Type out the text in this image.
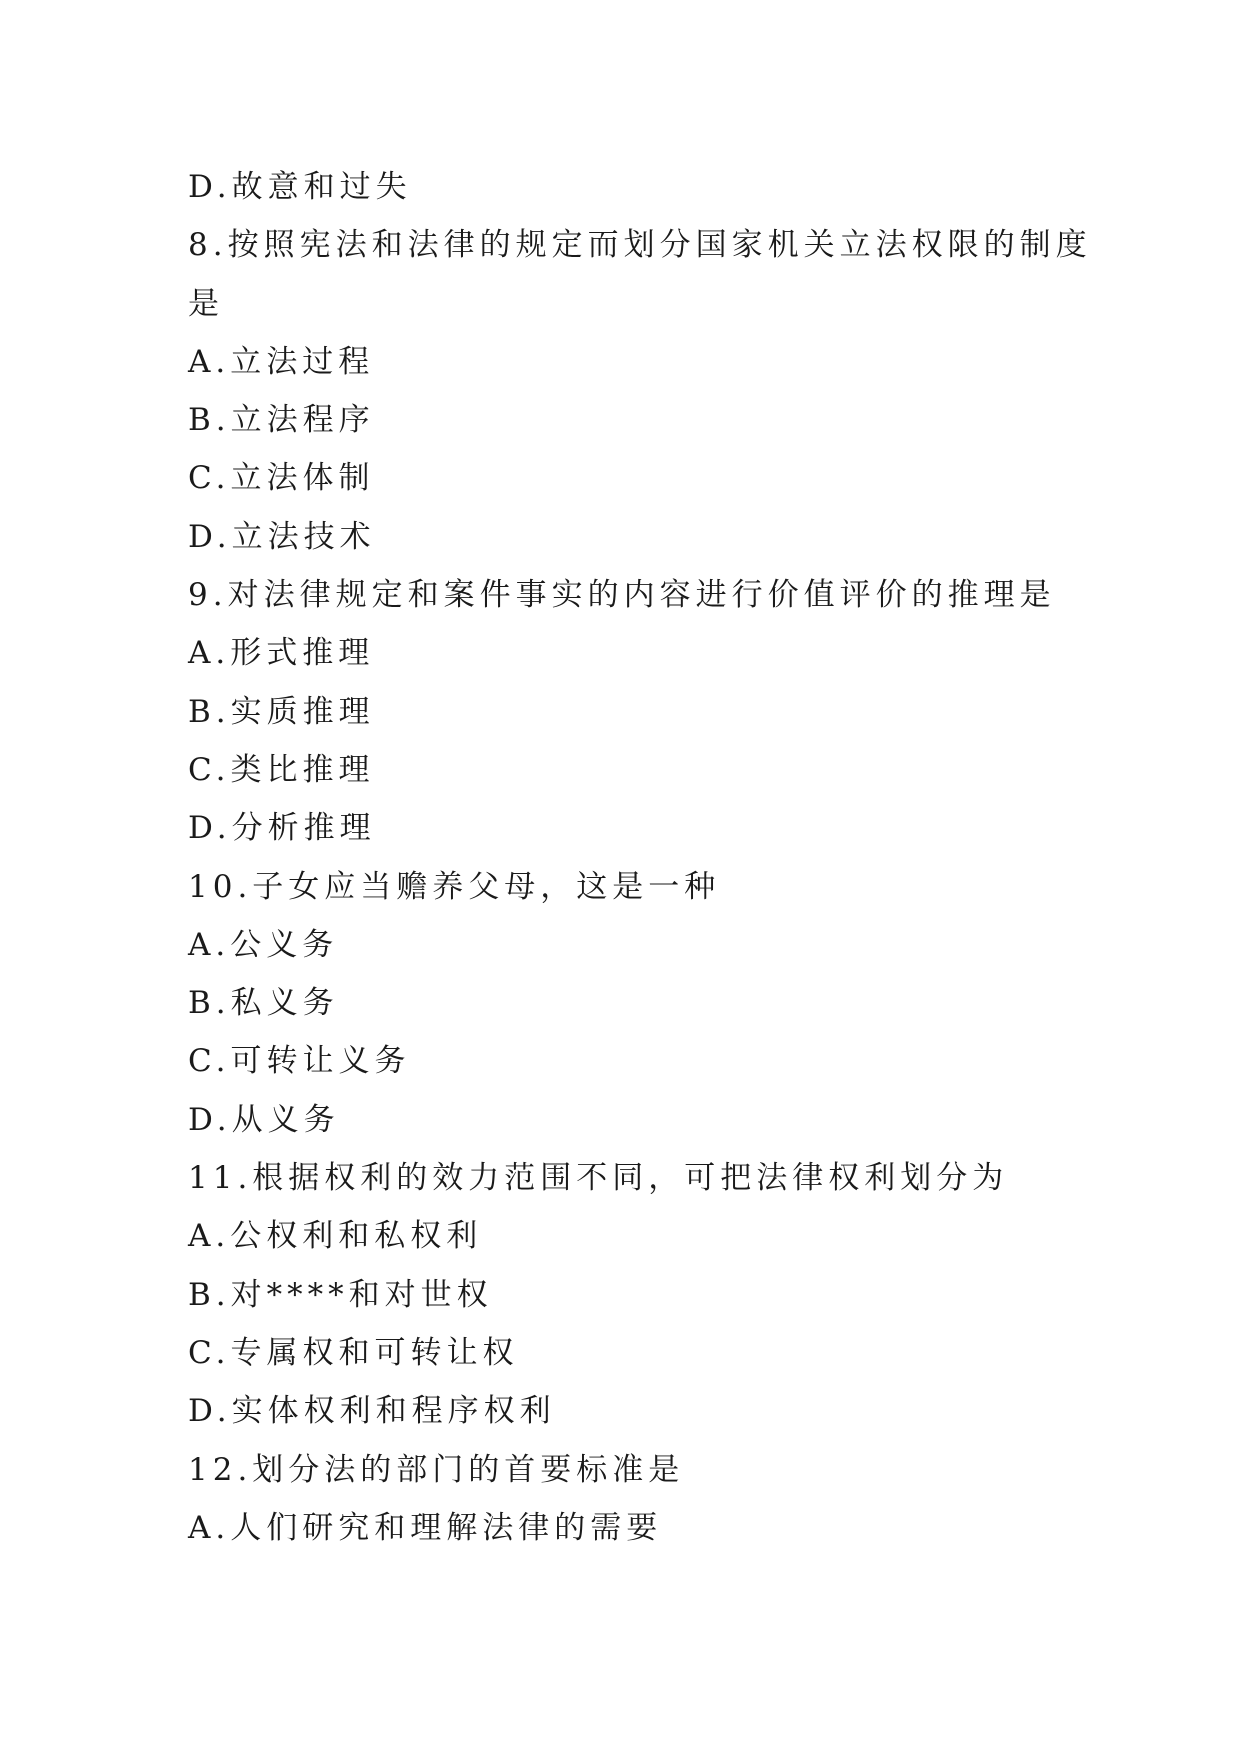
D.故意和过失

8.按照宪法和法律的规定而划分国家机关立法权限的制度

是

A.立法过程

B.立法程序

C.立法体制

D.立法技术

9.对法律规定和案件事实的内容进行价值评价的推理是

A.形式推理

B.实质推理

C.类比推理

D.分析推理

10.子女应当赡养父母，这是一种

A.公义务

B.私义务

C.可转让义务

D.从义务

11.根据权利的效力范围不同，可把法律权利划分为

A.公权利和私权利

B.对****和对世权

C.专属权和可转让权

D.实体权利和程序权利

12.划分法的部门的首要标准是

A.人们研究和理解法律的需要
